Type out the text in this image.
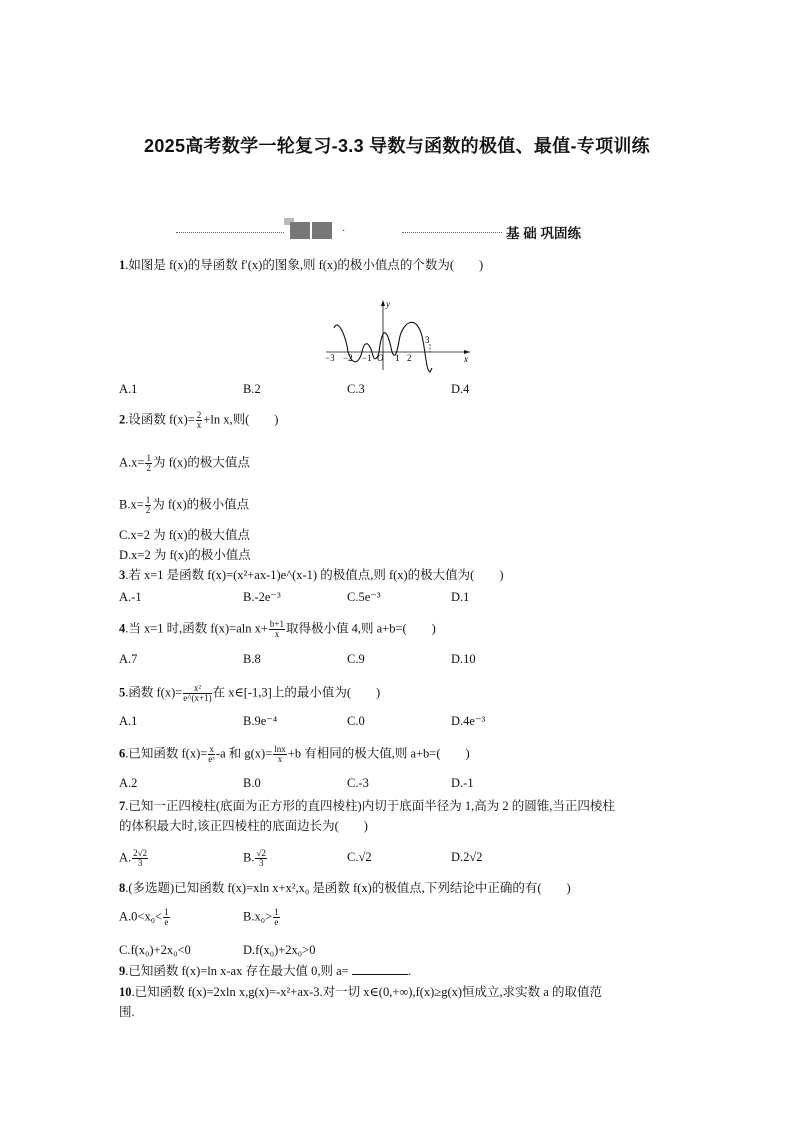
2025高考数学一轮复习-3.3 导数与函数的极值、最值-专项训练
·	基 础 巩固练
1.如图是 f(x)的导函数 f′(x)的图象,则 f(x)的极小值点的个数为(　　)
y
x
−3 −2 −1 O 1 2
3
A.1	B.2	C.3	D.4
2.设函数 $f(x)= \frac{2}{x} +\ln$ x,则(　　)
$A.x= \frac{1}{2}$ 为 f(x)的极大值点
$B.x= \frac{1}{2}$ 为 f(x)的极小值点
C.x=2 为 f(x)的极大值点
D.x=2 为 f(x)的极小值点
3.若 x=1 是函数 f(x)=(x²+ax-1)e^(x-1) 的极值点,则 f(x)的极大值为(　　)
A.-1	B.-2e⁻³	C.5e⁻³	D.1
4.当 x=1 时,函数 f(x)=aln $x+ \frac{b+1}{x}$ 取得极小值 4,则 a+b=(　　)
A.7	B.8	C.9	D.10
5.函数 $f(x)= \frac{\text{x²}}{e\^{}(x+1)}$ 在 x∈[-1,3]上的最小值为(　　)
A.1	B.9e⁻⁴	C.0	D.4e⁻³
6.已知函数 $f(x)= \frac{x}{\text{eˣ}} -a$ 和 $g(x)= \frac{\ln x}{x} +b$ 有相同的极大值,则 a+b=(　　)
A.2	B.0	C.-3	D.-1
7.已知一正四棱柱(底面为正方形的直四棱柱)内切于底面半径为 1,高为 2 的圆锥,当正四棱柱
的体积最大时,该正四棱柱的底面边长为(　　)
A. $\frac{2√2}{3}$	B. $\frac{√2}{3}$	C.√2	D.2√2
8.(多选题)已知函数 f(x)=xln x+x²,x₀ 是函数 f(x)的极值点,下列结论中正确的有(　　)
$A.0<x_0< \frac{1}{e}$	$B.x_0> \frac{1}{e}$
C.f(x₀)+2x₀<0	D.f(x₀)+2x₀>0
9.已知函数 f(x)=ln x-ax 存在最大值 0,则 a=	.
10.已知函数 f(x)=2xln x,g(x)=-x²+ax-3.对一切 x∈(0,+∞),f(x)≥g(x)恒成立,求实数 a 的取值范
围.
